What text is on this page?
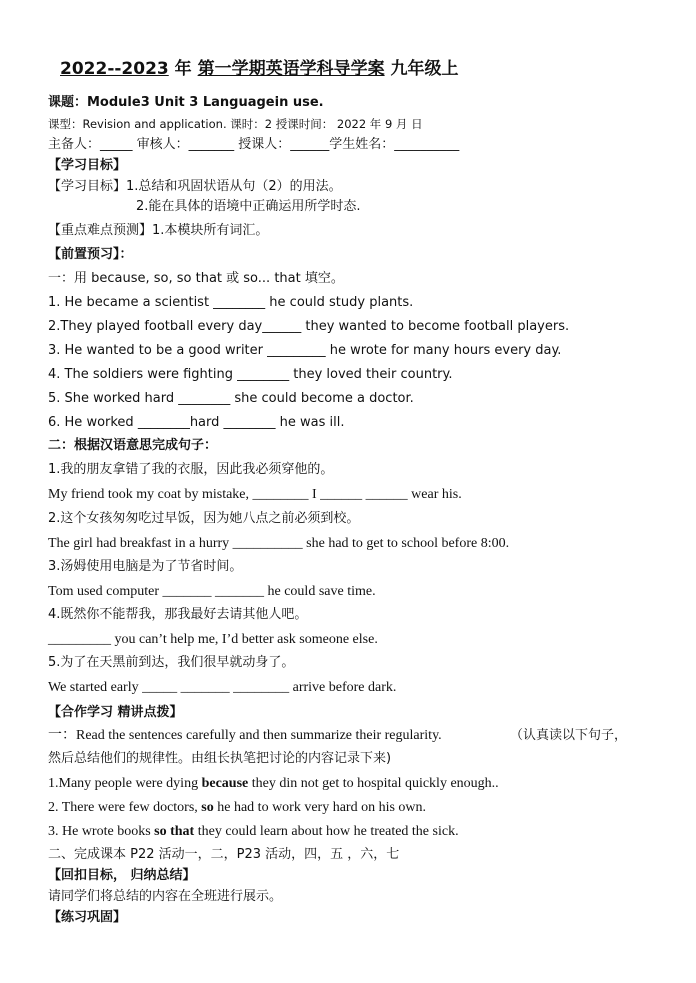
2022--2023 年 第一学期英语学科导学案 九年级上
课题：Module3 Unit 3 Languagein use.
课型：Revision and application. 课时：2 授课时间： 2022 年 9 月 日
主备人：_____ 审核人：_______ 授课人：______学生姓名：__________
【学习目标】
【学习目标】1.总结和巩固状语从句（2）的用法。
2.能在具体的语境中正确运用所学时态.
【重点难点预测】1.本模块所有词汇。
【前置预习】：
一：用 because, so, so that 或 so... that 填空。
1. He became a scientist ________ he could study plants.
2.They played football every day______ they wanted to become football players.
3. He wanted to be a good writer _________ he wrote for many hours every day.
4. The soldiers were fighting ________ they loved their country.
5. She worked hard ________ she could become a doctor.
6. He worked ________hard ________ he was ill.
二：根据汉语意思完成句子：
1.我的朋友拿错了我的衣服，因此我必须穿他的。
My friend took my coat by mistake, ________ I ______ ______ wear his.
2.这个女孩匆匆吃过早饭，因为她八点之前必须到校。
The girl had breakfast in a hurry __________ she had to get to school before 8:00.
3.汤姆使用电脑是为了节省时间。
Tom used computer _______ _______ he could save time.
4.既然你不能帮我，那我最好去请其他人吧。
_________ you can’t help me, I’d better ask someone else.
5.为了在天黑前到达，我们很早就动身了。
We started early _____ _______ ________ arrive before dark.
【合作学习 精讲点拨】
一：Read the sentences carefully and then summarize their regularity.	（认真读以下句子，
然后总结他们的规律性。由组长执笔把讨论的内容记录下来)
1.Many people were dying because they din not get to hospital quickly enough..
2. There were few doctors, so he had to work very hard on his own.
3. He wrote books so that they could learn about how he treated the sick.
二、完成课本 P22 活动一，二，P23 活动，四，五 ，六，七
【回扣目标， 归纳总结】
请同学们将总结的内容在全班进行展示。
【练习巩固】
